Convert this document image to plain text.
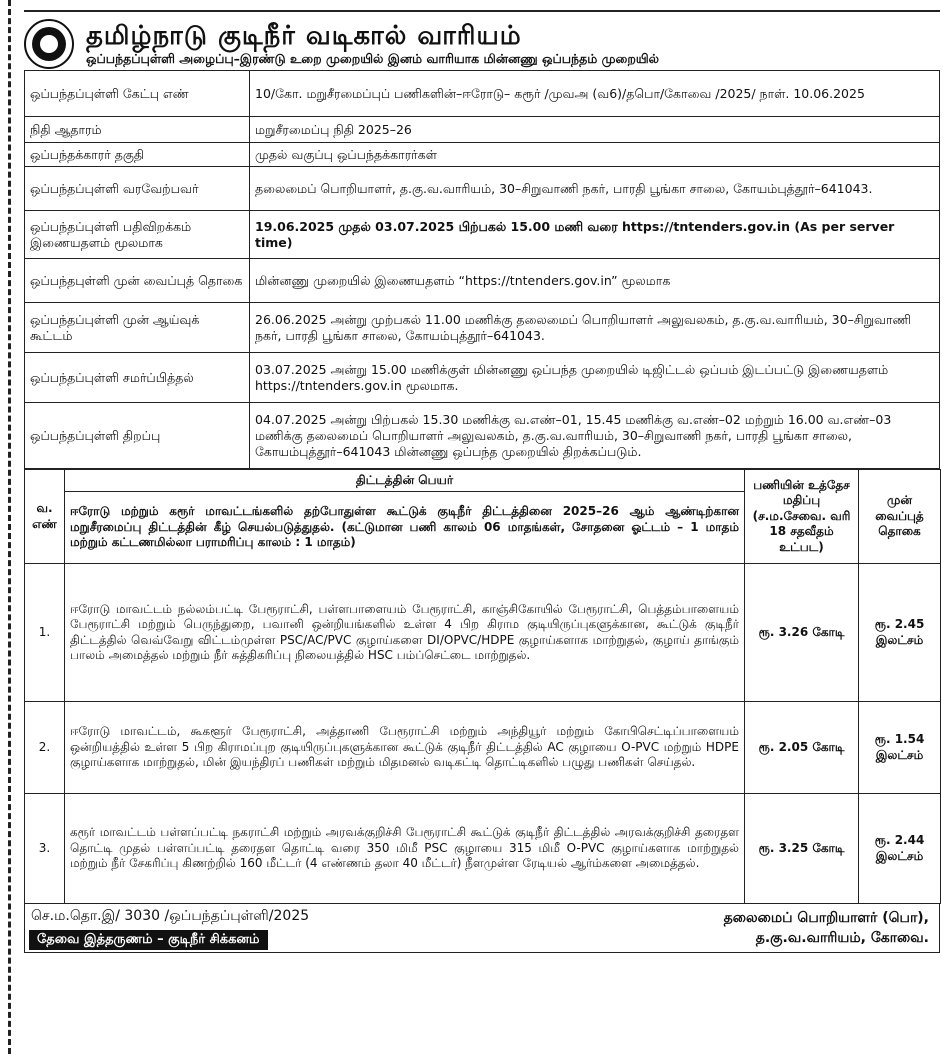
தமிழ்நாடு குடிநீர் வடிகால் வாரியம்
ஒப்பந்தப்புள்ளி அழைப்பு–இரண்டு உறை முறையில் இனம் வாரியாக மின்னணு ஒப்பந்தம் முறையில்
ஒப்பந்தப்புள்ளி கேட்பு எண்	10/கோ. மறுசீரமைப்புப் பணிகளின்–ஈரோடு– கரூர் /முவஅ (வ6)/தபொ/கோவை /2025/ நாள். 10.06.2025
நிதி ஆதாரம்	மறுசீரமைப்பு நிதி 2025–26
ஒப்பந்தக்காரர் தகுதி	முதல் வகுப்பு ஒப்பந்தக்காரர்கள்
ஒப்பந்தப்புள்ளி வரவேற்பவர்	தலைமைப் பொறியாளர், த.கு.வ.வாரியம், 30–சிறுவாணி நகர், பாரதி பூங்கா சாலை, கோயம்புத்தூர்–641043.
ஒப்பந்தப்புள்ளி பதிவிறக்கம் இணையதளம் மூலமாக	19.06.2025 முதல் 03.07.2025 பிற்பகல் 15.00 மணி வரை https://tntenders.gov.in (As per server time)
ஒப்பந்தபுள்ளி முன் வைப்புத் தொகை	மின்னணு முறையில் இணையதளம் “https://tntenders.gov.in” மூலமாக
ஒப்பந்தப்புள்ளி முன் ஆய்வுக் கூட்டம்	26.06.2025 அன்று முற்பகல் 11.00 மணிக்கு தலைமைப் பொறியாளர் அலுவலகம், த.கு.வ.வாரியம், 30–சிறுவாணி நகர், பாரதி பூங்கா சாலை, கோயம்புத்தூர்–641043.
ஒப்பந்தப்புள்ளி சமர்ப்பித்தல்	03.07.2025 அன்று 15.00 மணிக்குள் மின்னணு ஒப்பந்த முறையில் டிஜிட்டல் ஒப்பம் இடப்பட்டு இணையதளம் https://tntenders.gov.in மூலமாக.
ஒப்பந்தப்புள்ளி திறப்பு	04.07.2025 அன்று பிற்பகல் 15.30 மணிக்கு வ.எண்–01, 15.45 மணிக்கு வ.எண்–02 மற்றும் 16.00 வ.எண்–03 மணிக்கு தலைமைப் பொறியாளர் அலுவலகம், த.கு.வ.வாரியம், 30–சிறுவாணி நகர், பாரதி பூங்கா சாலை, கோயம்புத்தூர்–641043 மின்னணு ஒப்பந்த முறையில் திறக்கப்படும்.
வ. எண்	திட்டத்தின் பெயர்	பணியின் உத்தேச மதிப்பு (ச.ம.சேவை. வரி 18 சதவீதம் உட்பட)	முன் வைப்புத் தொகை
	ஈரோடு மற்றும் கரூர் மாவட்டங்களில் தற்போதுள்ள கூட்டுக் குடிநீர் திட்டத்தினை 2025–26 ஆம் ஆண்டிற்கான மறுசீரமைப்பு திட்டத்தின் கீழ் செயல்படுத்துதல். (கட்டுமான பணி காலம் 06 மாதங்கள், சோதனை ஓட்டம் – 1 மாதம் மற்றும் கட்டணமில்லா பராமரிப்பு காலம் : 1 மாதம்)		
1.	ஈரோடு மாவட்டம் நல்லம்பட்டி பேரூராட்சி, பள்ளபாளையம் பேரூராட்சி, காஞ்சிகோயில் பேரூராட்சி, பெத்தம்பாளையம் பேரூராட்சி மற்றும் பெருந்துறை, பவானி ஒன்றியங்களில் உள்ள 4 பிற கிராம குடியிருப்புகளுக்கான, கூட்டுக் குடிநீர் திட்டத்தில் வெவ்வேறு விட்டம்முள்ள PSC/AC/PVC குழாய்களை DI/OPVC/HDPE குழாய்களாக மாற்றுதல், குழாய் தாங்கும் பாலம் அமைத்தல் மற்றும் நீர் சுத்திகரிப்பு நிலையத்தில் HSC பம்ப்செட்டை மாற்றுதல்.	ரூ. 3.26 கோடி	ரூ. 2.45 இலட்சம்
2.	ஈரோடு மாவட்டம், கூகளூர் பேரூராட்சி, அத்தாணி பேரூராட்சி மற்றும் அந்தியூர் மற்றும் கோபிசெட்டிப்பாளையம் ஒன்றியத்தில் உள்ள 5 பிற கிராமப்புற குடியிருப்புகளுக்கான கூட்டுக் குடிநீர் திட்டத்தில் AC குழாயை O-PVC மற்றும் HDPE குழாய்களாக மாற்றுதல், மின் இயந்திரப் பணிகள் மற்றும் மிதமனல் வடிகட்டி தொட்டிகளில் பழுது பணிகள் செய்தல்.	ரூ. 2.05 கோடி	ரூ. 1.54 இலட்சம்
3.	கரூர் மாவட்டம் பள்ளப்பட்டி நகராட்சி மற்றும் அரவக்குறிச்சி பேரூராட்சி கூட்டுக் குடிநீர் திட்டத்தில் அரவக்குறிச்சி தரைதள தொட்டி முதல் பள்ளப்பட்டி தரைதள தொட்டி வரை 350 மிமீ PSC குழாயை 315 மிமீ O-PVC குழாய்களாக மாற்றுதல் மற்றும் நீர் சேகரிப்பு கிணற்றில் 160 மீட்டர் (4 எண்ணம் தலா 40 மீட்டர்) நீளமுள்ள ரேடியல் ஆர்ம்களை அமைத்தல்.	ரூ. 3.25 கோடி	ரூ. 2.44 இலட்சம்
செ.ம.தொ.இ/ 3030 /ஒப்பந்தப்புள்ளி/2025
தேவை இத்தருணம் – குடிநீர் சிக்கனம்
தலைமைப் பொறியாளர் (பொ),
த.கு.வ.வாரியம், கோவை.
